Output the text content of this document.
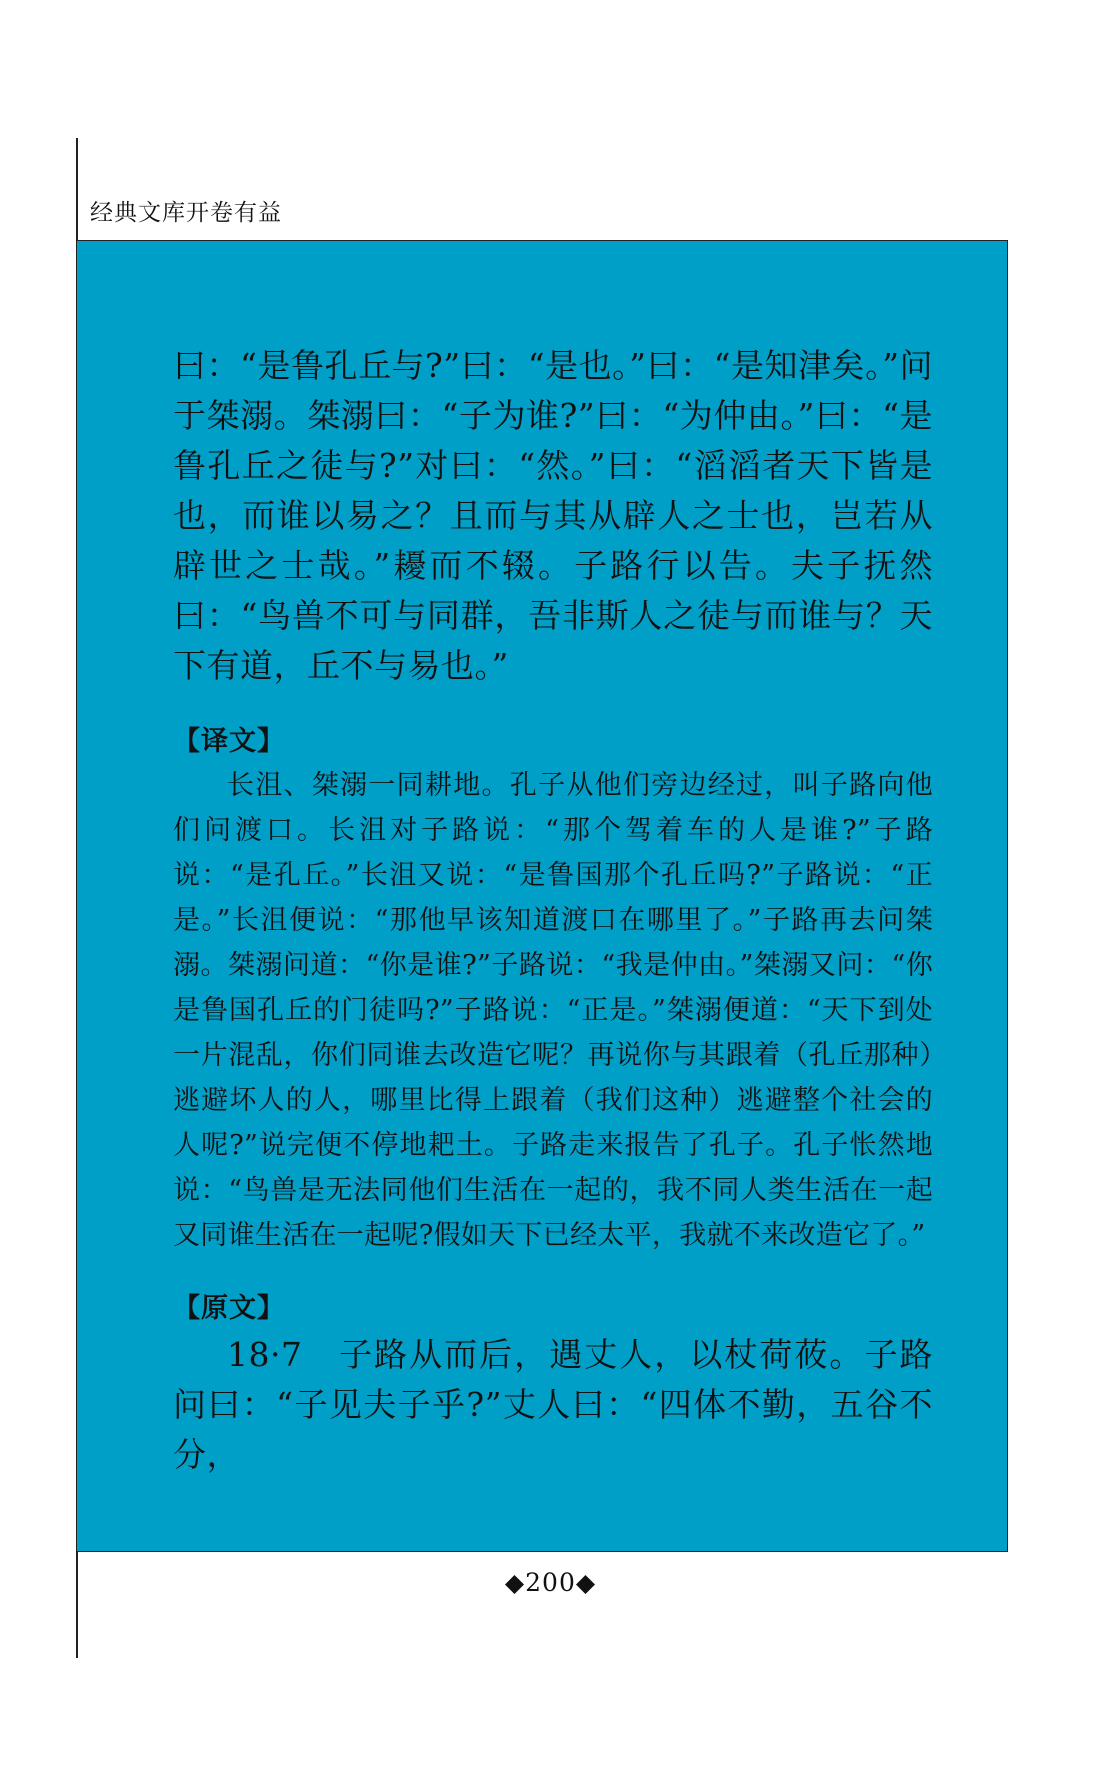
经典文库开卷有益

曰：“是鲁孔丘与?”曰：“是也。”曰：“是知津矣。”问于桀溺。桀溺曰：“子为谁?”曰：“为仲由。”曰：“是鲁孔丘之徒与?”对曰：“然。”曰：“滔滔者天下皆是也，而谁以易之？且而与其从辟人之士也，岂若从辟世之士哉。”耰而不辍。子路行以告。夫子抚然曰：“鸟兽不可与同群，吾非斯人之徒与而谁与？天下有道，丘不与易也。”

【译文】

长沮、桀溺一同耕地。孔子从他们旁边经过，叫子路向他们问渡口。长沮对子路说：“那个驾着车的人是谁?”子路说：“是孔丘。”长沮又说：“是鲁国那个孔丘吗?”子路说：“正是。”长沮便说：“那他早该知道渡口在哪里了。”子路再去问桀溺。桀溺问道：“你是谁?”子路说：“我是仲由。”桀溺又问：“你是鲁国孔丘的门徒吗?”子路说：“正是。”桀溺便道：“天下到处一片混乱，你们同谁去改造它呢？再说你与其跟着（孔丘那种）逃避坏人的人，哪里比得上跟着（我们这种）逃避整个社会的人呢?”说完便不停地耙土。子路走来报告了孔子。孔子怅然地说：“鸟兽是无法同他们生活在一起的，我不同人类生活在一起又同谁生活在一起呢?假如天下已经太平，我就不来改造它了。”

【原文】

18·7　子路从而后，遇丈人，以杖荷莜。子路问曰：“子见夫子乎?”丈人曰：“四体不勤，五谷不分，

◆200◆
